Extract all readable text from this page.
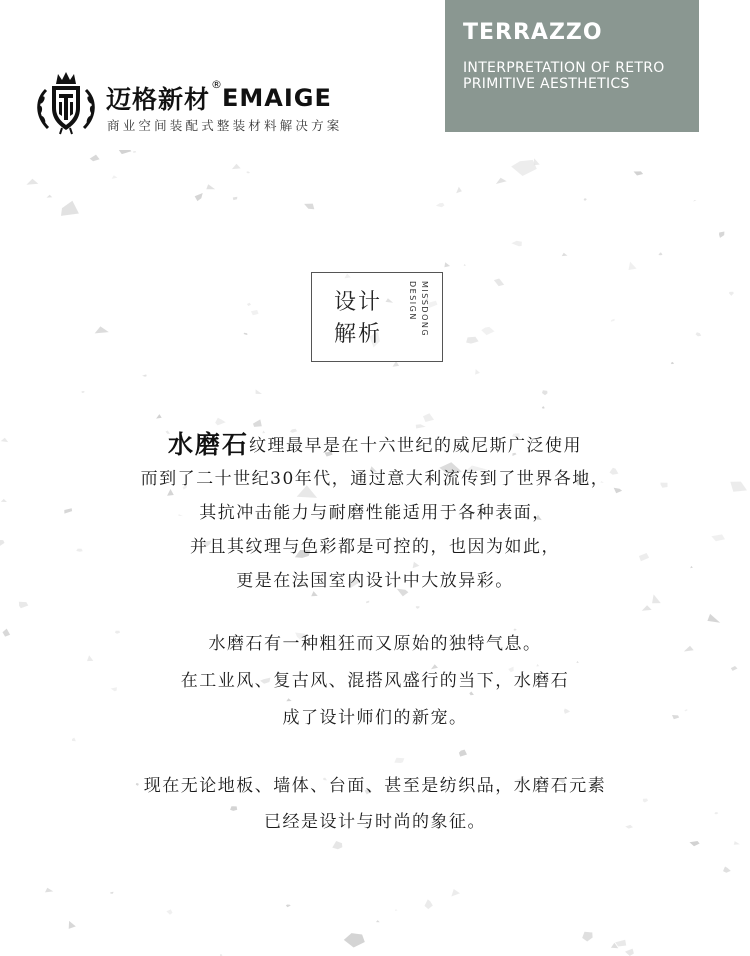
迈格新材®EMAIGE
商业空间装配式整装材料解决方案
TERRAZZO
INTERPRETATION OF RETRO
PRIMITIVE AESTHETICS
设计
解析	MISSDONG
DESIGN
水磨石纹理最早是在十六世纪的威尼斯广泛使用
而到了二十世纪30年代，通过意大利流传到了世界各地，
其抗冲击能力与耐磨性能适用于各种表面，
并且其纹理与色彩都是可控的，也因为如此，
更是在法国室内设计中大放异彩。
水磨石有一种粗狂而又原始的独特气息。
在工业风、复古风、混搭风盛行的当下，水磨石
成了设计师们的新宠。
现在无论地板、墙体、台面、甚至是纺织品，水磨石元素
已经是设计与时尚的象征。
